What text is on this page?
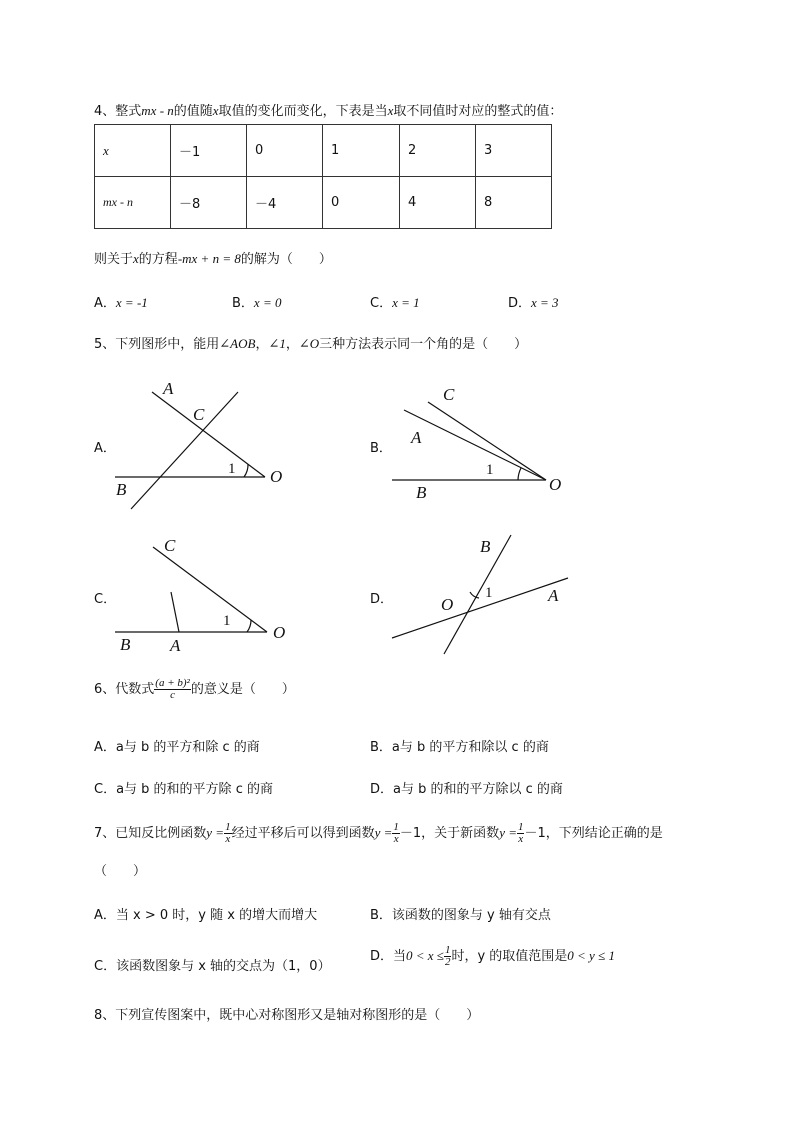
4、整式mx - n的值随x取值的变化而变化，下表是当x取不同值时对应的整式的值：
x	－1	0	1	2	3
mx - n	－8	－4	0	4	8
则关于x的方程-mx + n = 8的解为（　　）
A．x = -1	B．x = 0	C．x = 1	D．x = 3
5、下列图形中，能用∠AOB，∠1，∠O三种方法表示同一个角的是（　　）
A．	B．
C．	D．
A
C
B
O
C
A
B	O
C
B A
O
B
A
O
1	1
1
1
6、代数式 $\frac{\text{(a + b)²}}{c}$ 的意义是（　　）
A．a与 b 的平方和除 c 的商	B．a与 b 的平方和除以 c 的商
C．a与 b 的和的平方除 c 的商	D．a与 b 的和的平方除以 c 的商
7、已知反比例函数$y = \frac{1}{x}$ 经过平移后可以得到函数$y = \frac{1}{x} -1$，关于新函数$y = \frac{1}{x} -1$，下列结论正确的是
（　　）
A．当 x > 0 时，y 随 x 的增大而增大	B．该函数的图象与 y 轴有交点
C．该函数图象与 x 轴的交点为（1，0）
D．当$0 < x \le \frac{1}{2}$ 时，y 的取值范围是0 < y ≤ 1
8、下列宣传图案中，既中心对称图形又是轴对称图形的是（　　）
